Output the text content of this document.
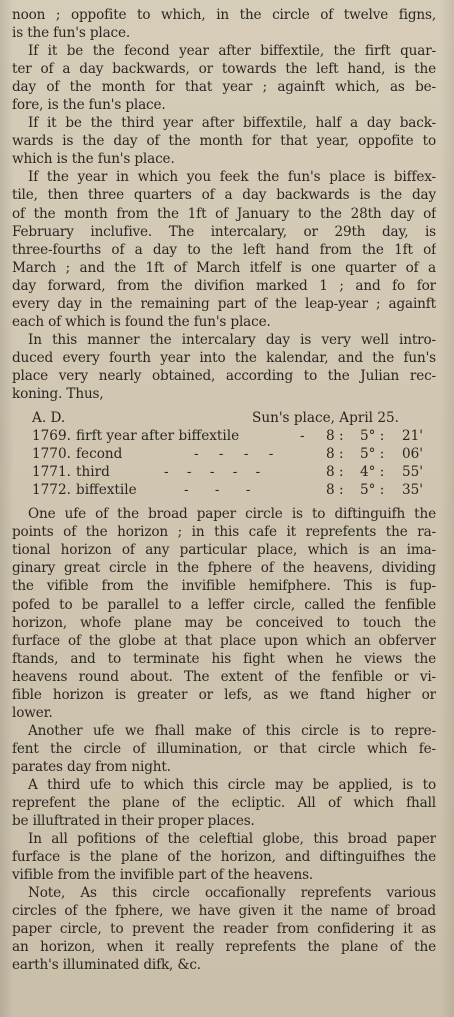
noon ; oppofite to which, in the circle of twelve figns,
is the fun's place.
If it be the fecond year after biffextile, the firft quar-
ter of a day backwards, or towards the left hand, is the
day of the month for that year ; againft which, as be-
fore, is the fun's place.
If it be the third year after biffextile, half a day back-
wards is the day of the month for that year, oppofite to
which is the fun's place.
If the year in which you feek the fun's place is biffex-
tile, then three quarters of a day backwards is the day
of the month from the 1ft of January to the 28th day of
February inclufive. The intercalary, or 29th day, is
three-fourths of a day to the left hand from the 1ft of
March ; and the 1ft of March itfelf is one quarter of a
day forward, from the divifion marked 1 ; and fo for
every day in the remaining part of the leap-year ; againft
each of which is found the fun's place.
In this manner the intercalary day is very well intro-
duced every fourth year into the kalendar, and the fun's
place very nearly obtained, according to the Julian rec-
koning. Thus,
A. D.	Sun's place, April 25.
1769. firft year after biffextile	- 8 : 5° : 21'
1770. fecond	- - - -	8 : 5° : 06'
1771. third	- - - - -	8 : 4° : 55'
1772. biffextile	- - -	8 : 5° : 35'
One ufe of the broad paper circle is to diftinguifh the
points of the horizon ; in this cafe it reprefents the ra-
tional horizon of any particular place, which is an ima-
ginary great circle in the fphere of the heavens, dividing
the vifible from the invifible hemifphere. This is fup-
pofed to be parallel to a leffer circle, called the fenfible
horizon, whofe plane may be conceived to touch the
furface of the globe at that place upon which an obferver
ftands, and to terminate his fight when he views the
heavens round about. The extent of the fenfible or vi-
fible horizon is greater or lefs, as we ftand higher or
lower.
Another ufe we fhall make of this circle is to repre-
fent the circle of illumination, or that circle which fe-
parates day from night.
A third ufe to which this circle may be applied, is to
reprefent the plane of the ecliptic. All of which fhall
be illuftrated in their proper places.
In all pofitions of the celeftial globe, this broad paper
furface is the plane of the horizon, and diftinguifhes the
vifible from the invifible part of the heavens.
Note, As this circle occafionally reprefents various
circles of the fphere, we have given it the name of broad
paper circle, to prevent the reader from confidering it as
an horizon, when it really reprefents the plane of the
earth's illuminated difk, &c.
